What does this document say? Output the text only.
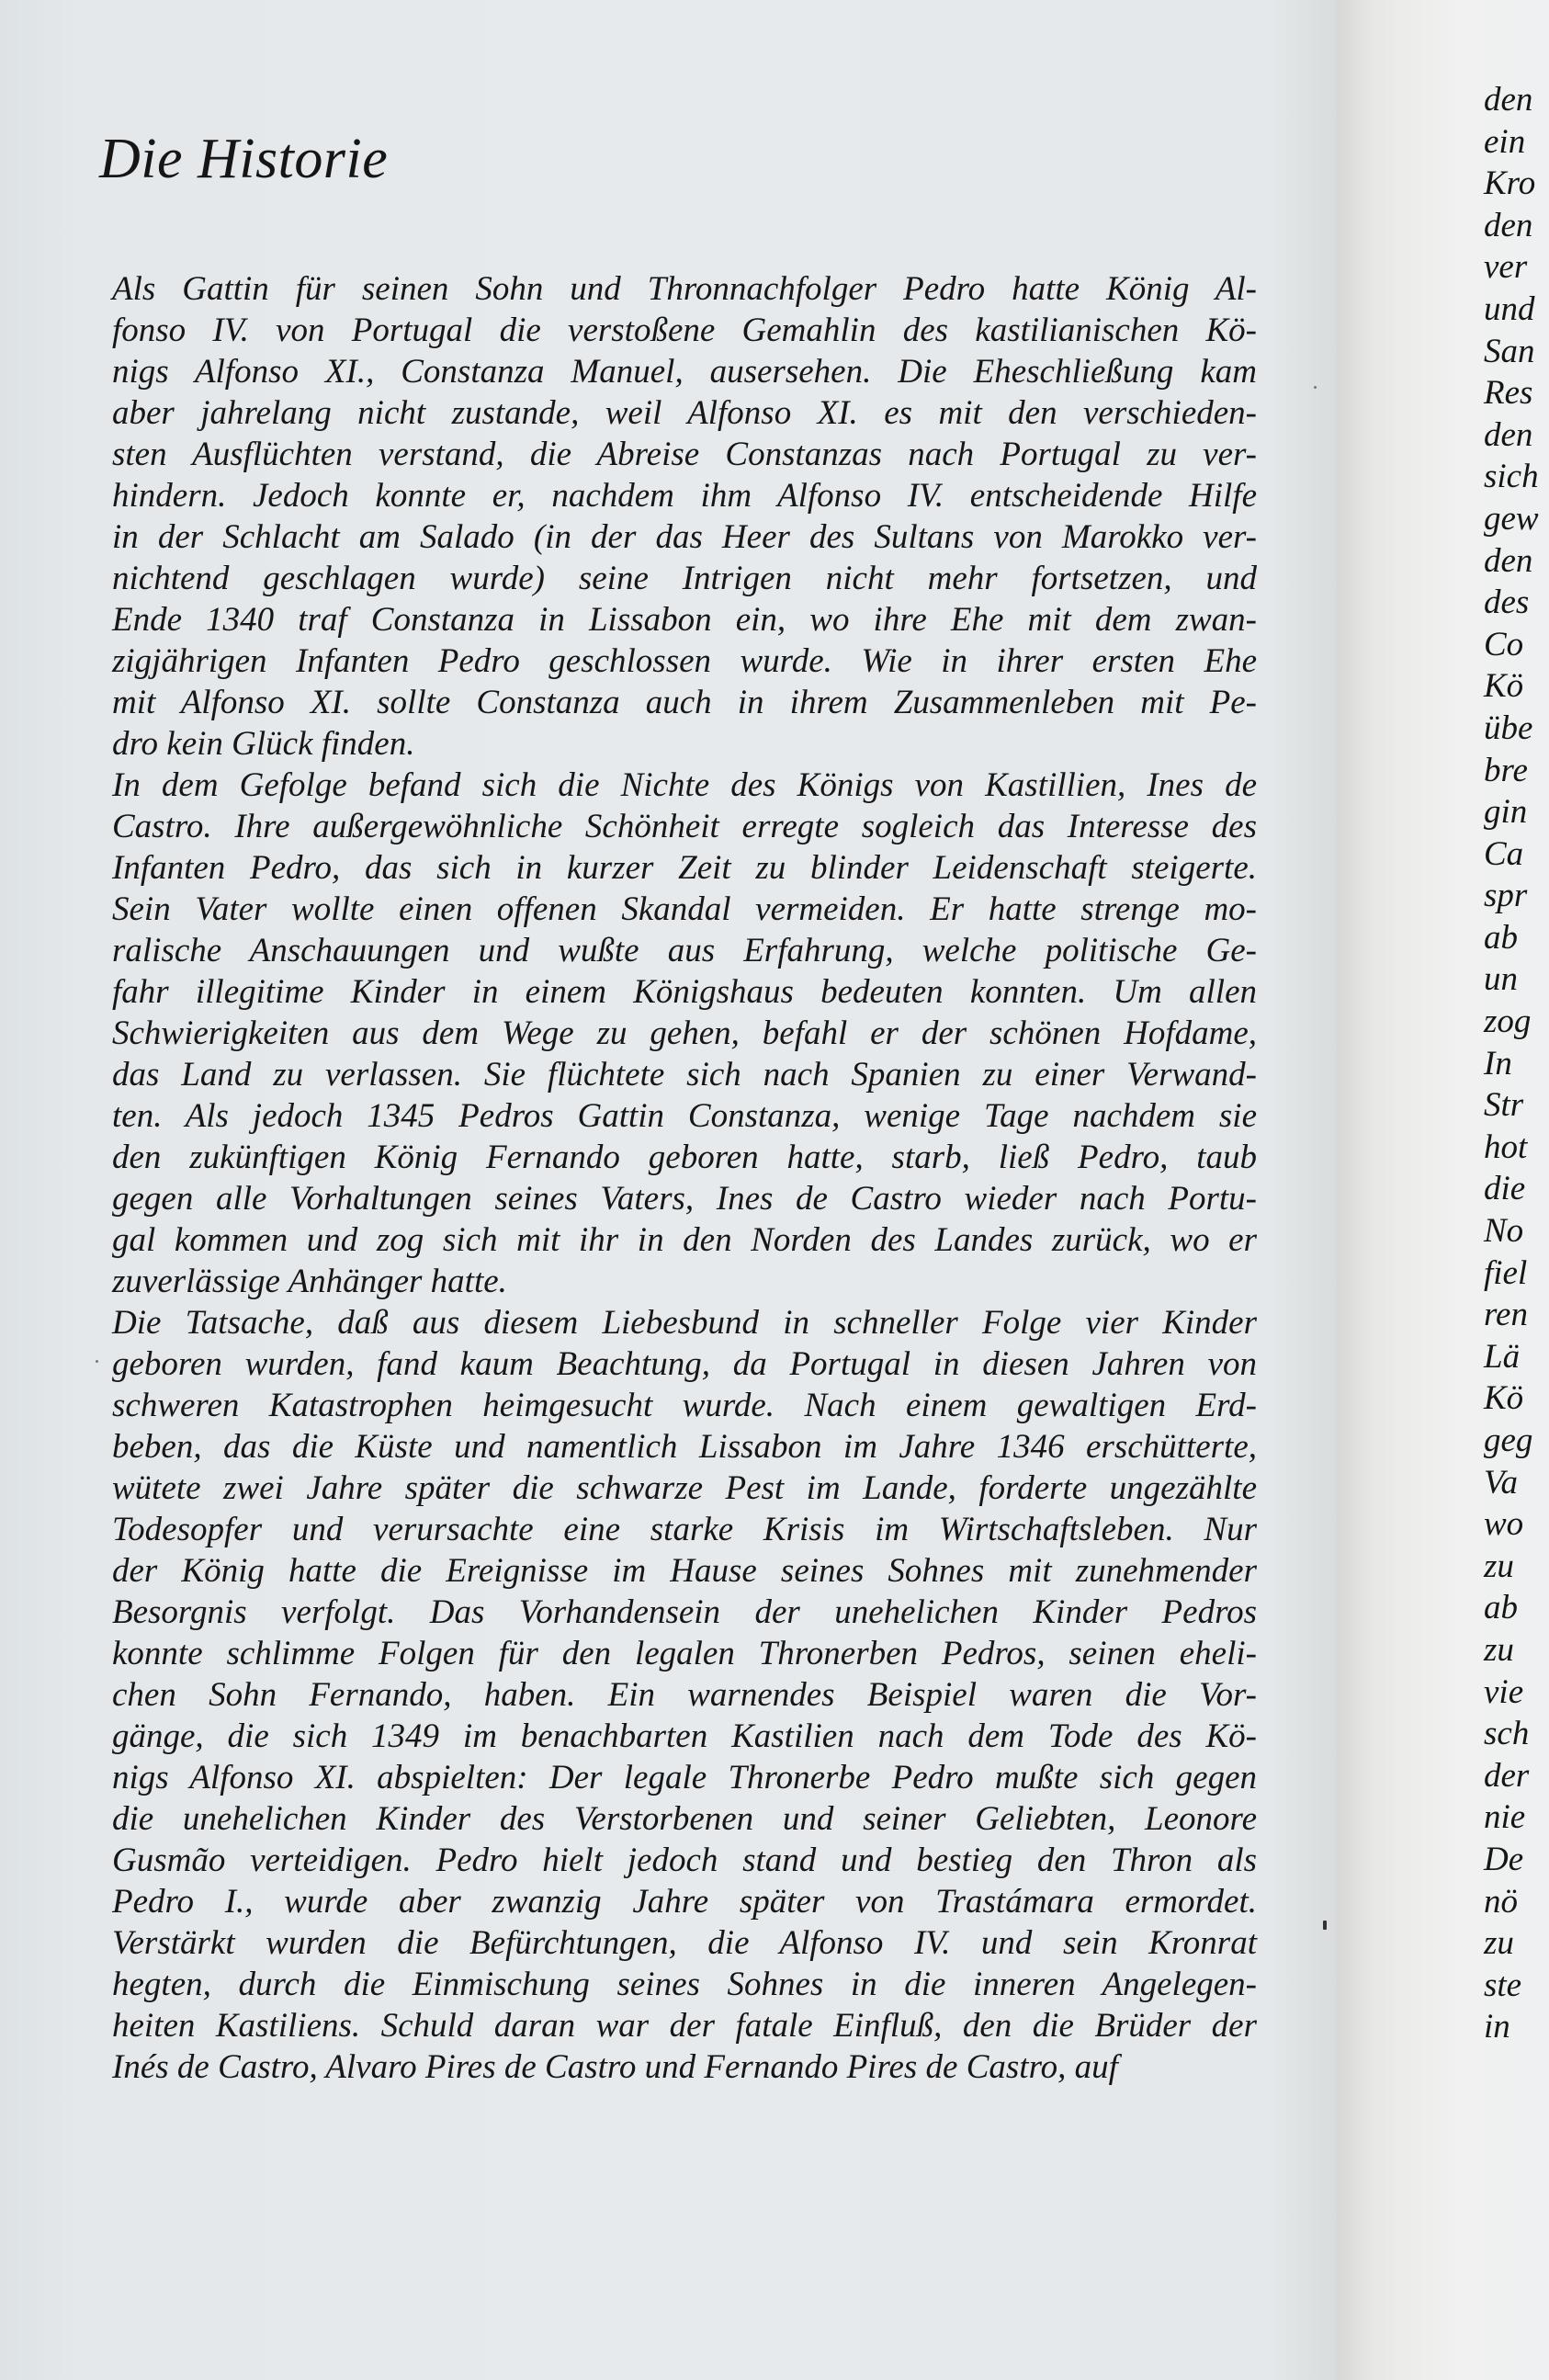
Die Historie
Als Gattin für seinen Sohn und Thronnachfolger Pedro hatte König Al-
fonso IV. von Portugal die verstoßene Gemahlin des kastilianischen Kö-
nigs Alfonso XI., Constanza Manuel, ausersehen. Die Eheschließung kam
aber jahrelang nicht zustande, weil Alfonso XI. es mit den verschieden-
sten Ausflüchten verstand, die Abreise Constanzas nach Portugal zu ver-
hindern. Jedoch konnte er, nachdem ihm Alfonso IV. entscheidende Hilfe
in der Schlacht am Salado (in der das Heer des Sultans von Marokko ver-
nichtend geschlagen wurde) seine Intrigen nicht mehr fortsetzen, und
Ende 1340 traf Constanza in Lissabon ein, wo ihre Ehe mit dem zwan-
zigjährigen Infanten Pedro geschlossen wurde. Wie in ihrer ersten Ehe
mit Alfonso XI. sollte Constanza auch in ihrem Zusammenleben mit Pe-
dro kein Glück finden.
In dem Gefolge befand sich die Nichte des Königs von Kastillien, Ines de
Castro. Ihre außergewöhnliche Schönheit erregte sogleich das Interesse des
Infanten Pedro, das sich in kurzer Zeit zu blinder Leidenschaft steigerte.
Sein Vater wollte einen offenen Skandal vermeiden. Er hatte strenge mo-
ralische Anschauungen und wußte aus Erfahrung, welche politische Ge-
fahr illegitime Kinder in einem Königshaus bedeuten konnten. Um allen
Schwierigkeiten aus dem Wege zu gehen, befahl er der schönen Hofdame,
das Land zu verlassen. Sie flüchtete sich nach Spanien zu einer Verwand-
ten. Als jedoch 1345 Pedros Gattin Constanza, wenige Tage nachdem sie
den zukünftigen König Fernando geboren hatte, starb, ließ Pedro, taub
gegen alle Vorhaltungen seines Vaters, Ines de Castro wieder nach Portu-
gal kommen und zog sich mit ihr in den Norden des Landes zurück, wo er
zuverlässige Anhänger hatte.
Die Tatsache, daß aus diesem Liebesbund in schneller Folge vier Kinder
geboren wurden, fand kaum Beachtung, da Portugal in diesen Jahren von
schweren Katastrophen heimgesucht wurde. Nach einem gewaltigen Erd-
beben, das die Küste und namentlich Lissabon im Jahre 1346 erschütterte,
wütete zwei Jahre später die schwarze Pest im Lande, forderte ungezählte
Todesopfer und verursachte eine starke Krisis im Wirtschaftsleben. Nur
der König hatte die Ereignisse im Hause seines Sohnes mit zunehmender
Besorgnis verfolgt. Das Vorhandensein der unehelichen Kinder Pedros
konnte schlimme Folgen für den legalen Thronerben Pedros, seinen eheli-
chen Sohn Fernando, haben. Ein warnendes Beispiel waren die Vor-
gänge, die sich 1349 im benachbarten Kastilien nach dem Tode des Kö-
nigs Alfonso XI. abspielten: Der legale Thronerbe Pedro mußte sich gegen
die unehelichen Kinder des Verstorbenen und seiner Geliebten, Leonore
Gusmão verteidigen. Pedro hielt jedoch stand und bestieg den Thron als
Pedro I., wurde aber zwanzig Jahre später von Trastámara ermordet.
Verstärkt wurden die Befürchtungen, die Alfonso IV. und sein Kronrat
hegten, durch die Einmischung seines Sohnes in die inneren Angelegen-
heiten Kastiliens. Schuld daran war der fatale Einfluß, den die Brüder der
Inés de Castro, Alvaro Pires de Castro und Fernando Pires de Castro, auf
den
ein
Kro
den
ver
und
San
Res
den
sich
gew
den
des
Co
Kö
übe
bre
gin
Ca
spr
ab
un
zog
In
Str
hot
die
No
fiel
ren
Lä
Kö
geg
Va
wo
zu
ab
zu
vie
sch
der
nie
De
nö
zu
ste
in
